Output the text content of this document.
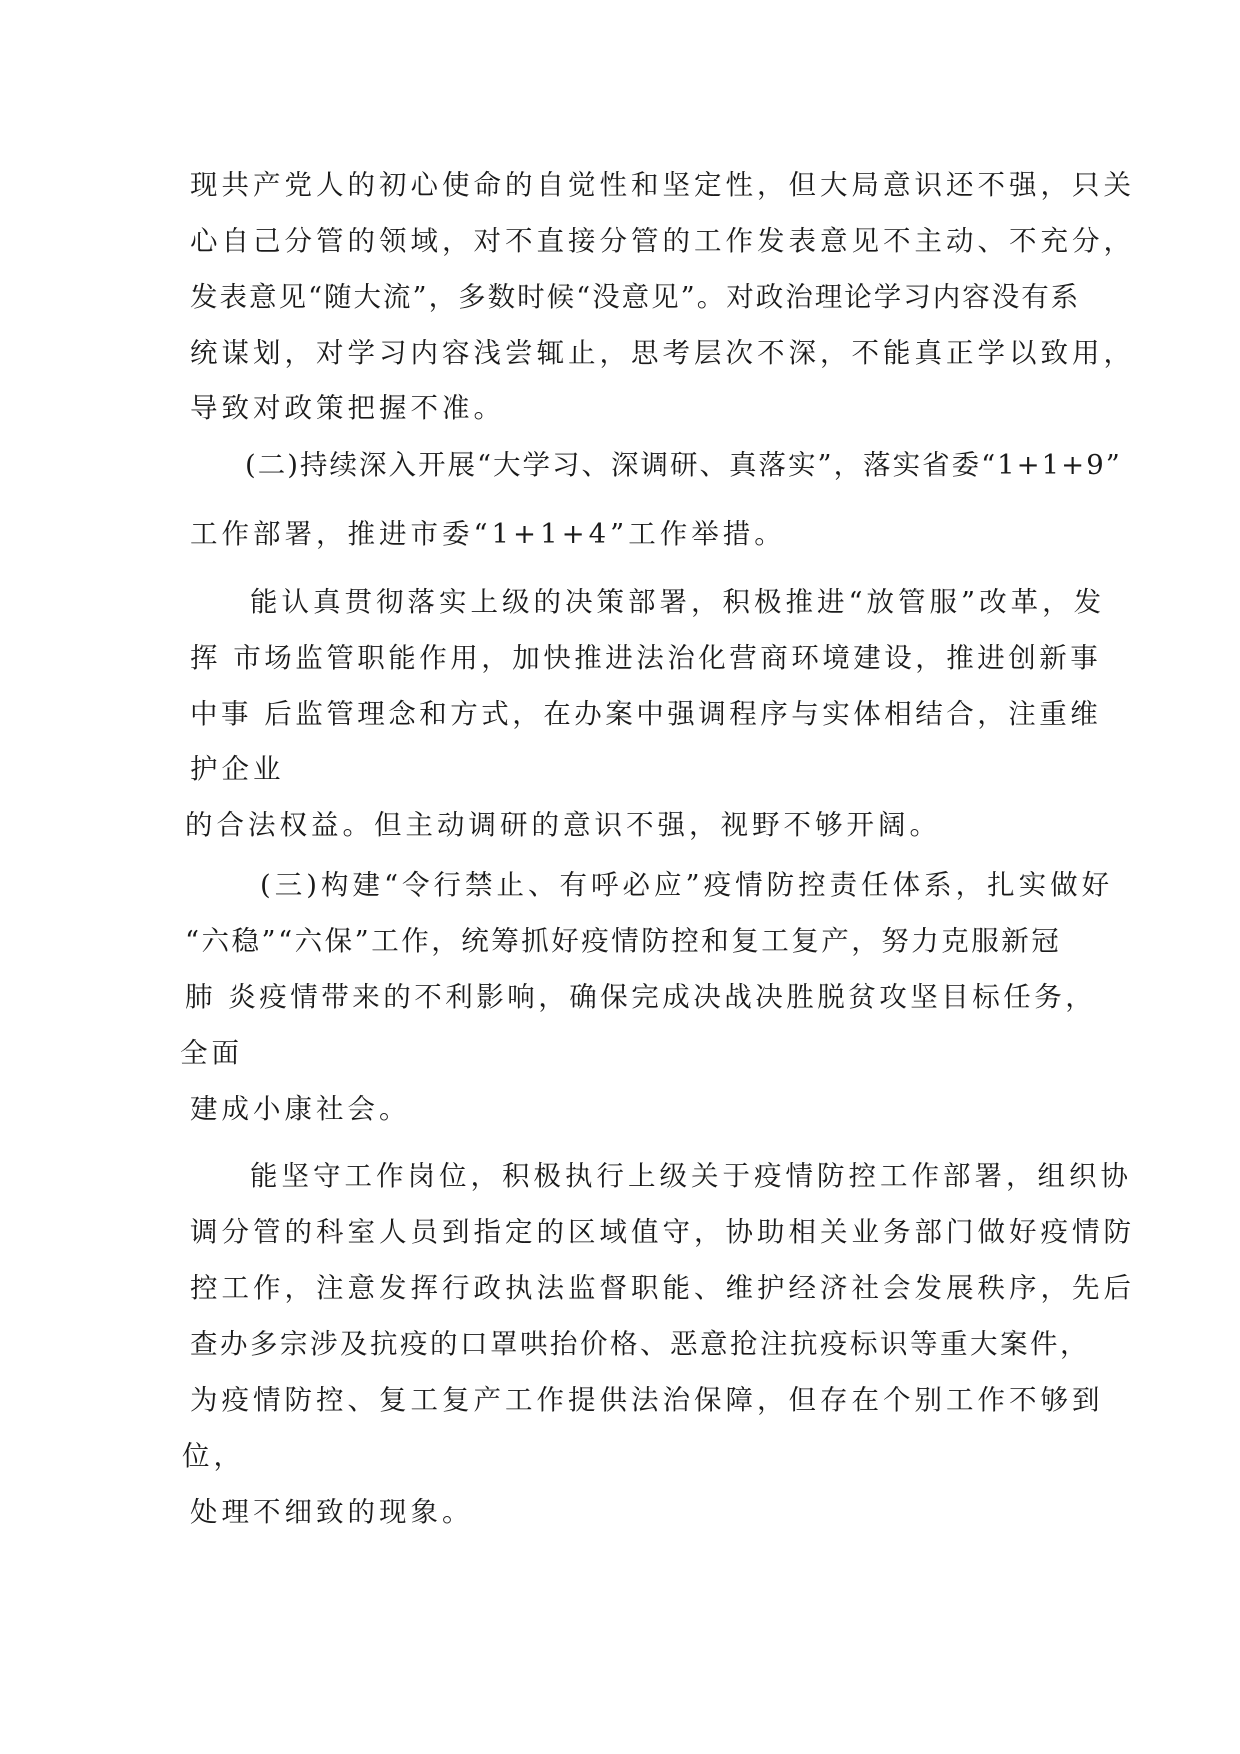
现共产党人的初心使命的自觉性和坚定性，但大局意识还不强，只关
心自己分管的领域，对不直接分管的工作发表意见不主动、不充分，
发表意见“随大流”，多数时候“没意见”。对政治理论学习内容没有系
统谋划，对学习内容浅尝辄止，思考层次不深，不能真正学以致用，
导致对政策把握不准。
(二)持续深入开展“大学习、深调研、真落实”，落实省委“1+1+9”
工作部署，推进市委“1+1+4”工作举措。
能认真贯彻落实上级的决策部署，积极推进“放管服”改革，发
挥 市场监管职能作用，加快推进法治化营商环境建设，推进创新事
中事 后监管理念和方式，在办案中强调程序与实体相结合，注重维
护企业
的合法权益。但主动调研的意识不强，视野不够开阔。
(三)构建“令行禁止、有呼必应”疫情防控责任体系，扎实做好
“六稳”“六保”工作，统筹抓好疫情防控和复工复产，努力克服新冠
肺 炎疫情带来的不利影响，确保完成决战决胜脱贫攻坚目标任务，
全面
建成小康社会。
能坚守工作岗位，积极执行上级关于疫情防控工作部署，组织协
调分管的科室人员到指定的区域值守，协助相关业务部门做好疫情防
控工作，注意发挥行政执法监督职能、维护经济社会发展秩序，先后
查办多宗涉及抗疫的口罩哄抬价格、恶意抢注抗疫标识等重大案件，
为疫情防控、复工复产工作提供法治保障，但存在个别工作不够到
位，
处理不细致的现象。
